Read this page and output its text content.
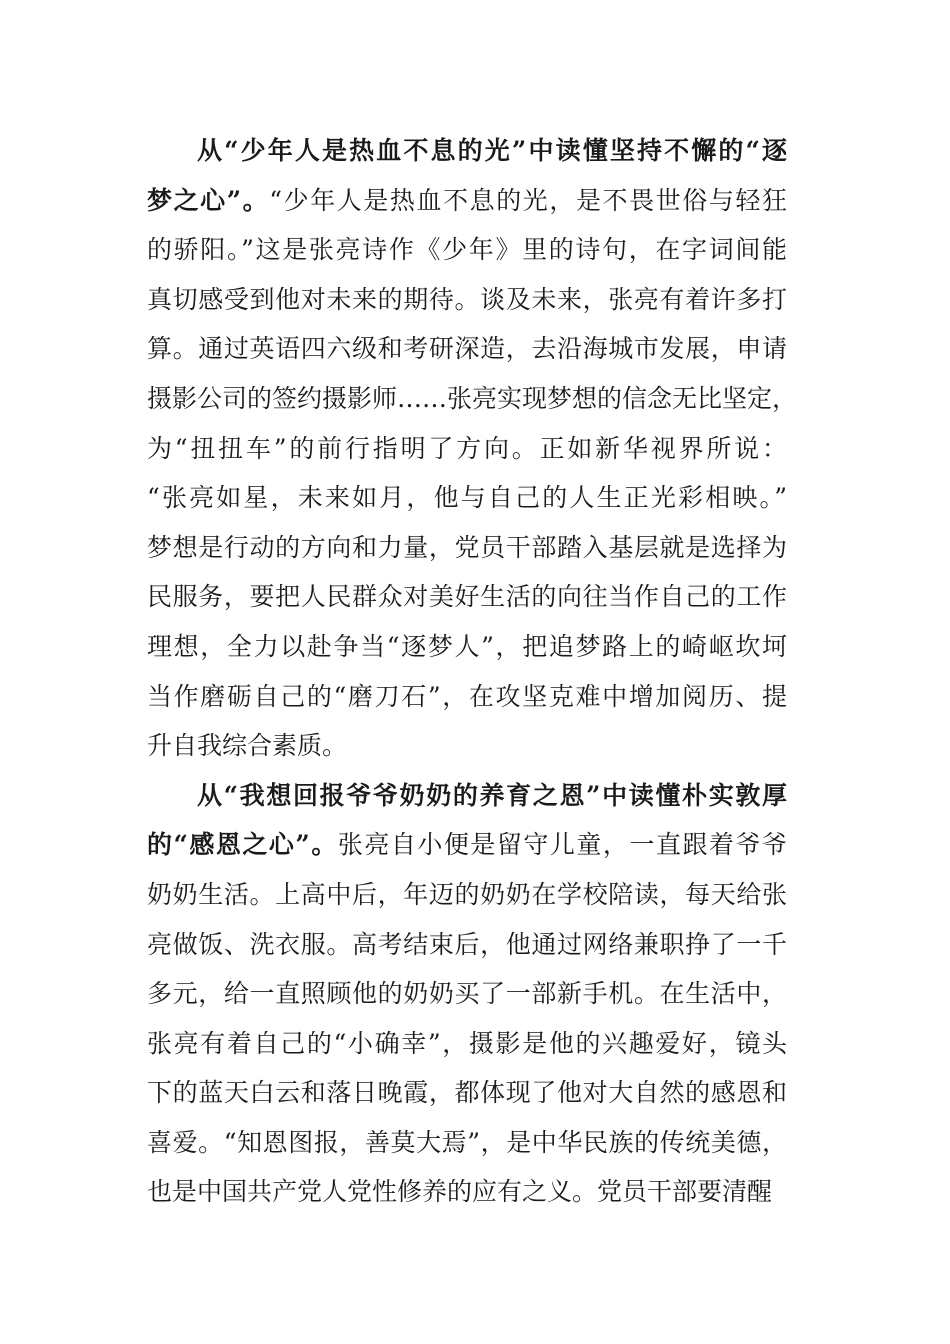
从“少年人是热血不息的光”中读懂坚持不懈的“逐
梦之心”。“少年人是热血不息的光，是不畏世俗与轻狂
的骄阳。”这是张亮诗作《少年》里的诗句，在字词间能
真切感受到他对未来的期待。谈及未来，张亮有着许多打
算。通过英语四六级和考研深造，去沿海城市发展，申请
摄影公司的签约摄影师……张亮实现梦想的信念无比坚定，
为“扭扭车”的前行指明了方向。正如新华视界所说：
“张亮如星，未来如月，他与自己的人生正光彩相映。”
梦想是行动的方向和力量，党员干部踏入基层就是选择为
民服务，要把人民群众对美好生活的向往当作自己的工作
理想，全力以赴争当“逐梦人”，把追梦路上的崎岖坎坷
当作磨砺自己的“磨刀石”，在攻坚克难中增加阅历、提
升自我综合素质。
从“我想回报爷爷奶奶的养育之恩”中读懂朴实敦厚
的“感恩之心”。张亮自小便是留守儿童，一直跟着爷爷
奶奶生活。上高中后，年迈的奶奶在学校陪读，每天给张
亮做饭、洗衣服。高考结束后，他通过网络兼职挣了一千
多元，给一直照顾他的奶奶买了一部新手机。在生活中，
张亮有着自己的“小确幸”，摄影是他的兴趣爱好，镜头
下的蓝天白云和落日晚霞，都体现了他对大自然的感恩和
喜爱。“知恩图报，善莫大焉”，是中华民族的传统美德，
也是中国共产党人党性修养的应有之义。党员干部要清醒
